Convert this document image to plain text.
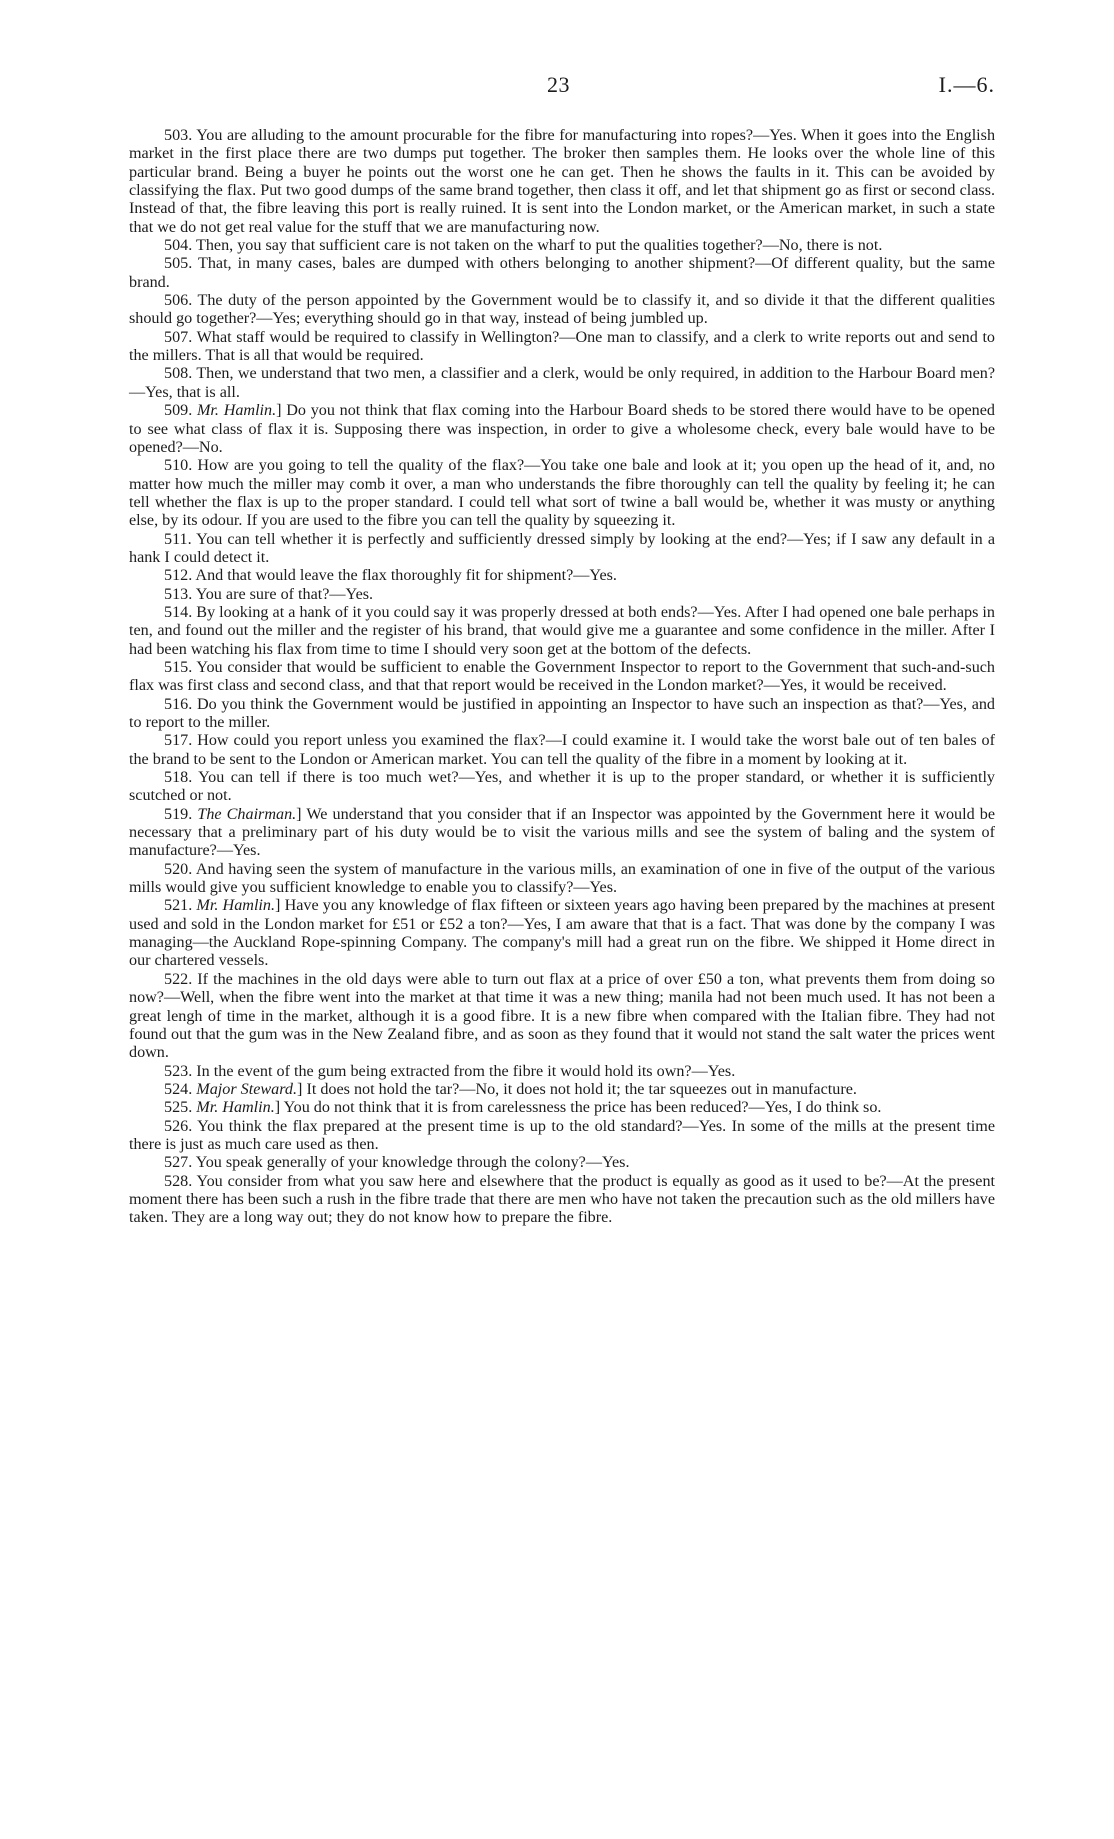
23	I.—6.

503. You are alluding to the amount procurable for the fibre for manufacturing into ropes?—Yes. When it goes into the English market in the first place there are two dumps put together. The broker then samples them. He looks over the whole line of this particular brand. Being a buyer he points out the worst one he can get. Then he shows the faults in it. This can be avoided by classifying the flax. Put two good dumps of the same brand together, then class it off, and let that shipment go as first or second class. Instead of that, the fibre leaving this port is really ruined. It is sent into the London market, or the American market, in such a state that we do not get real value for the stuff that we are manufacturing now.

504. Then, you say that sufficient care is not taken on the wharf to put the qualities together?—No, there is not.

505. That, in many cases, bales are dumped with others belonging to another shipment?—Of different quality, but the same brand.

506. The duty of the person appointed by the Government would be to classify it, and so divide it that the different qualities should go together?—Yes; everything should go in that way, instead of being jumbled up.

507. What staff would be required to classify in Wellington?—One man to classify, and a clerk to write reports out and send to the millers. That is all that would be required.

508. Then, we understand that two men, a classifier and a clerk, would be only required, in addition to the Harbour Board men?—Yes, that is all.

509. Mr. Hamlin.] Do you not think that flax coming into the Harbour Board sheds to be stored there would have to be opened to see what class of flax it is. Supposing there was inspection, in order to give a wholesome check, every bale would have to be opened?—No.

510. How are you going to tell the quality of the flax?—You take one bale and look at it; you open up the head of it, and, no matter how much the miller may comb it over, a man who understands the fibre thoroughly can tell the quality by feeling it; he can tell whether the flax is up to the proper standard. I could tell what sort of twine a ball would be, whether it was musty or anything else, by its odour. If you are used to the fibre you can tell the quality by squeezing it.

511. You can tell whether it is perfectly and sufficiently dressed simply by looking at the end?—Yes; if I saw any default in a hank I could detect it.

512. And that would leave the flax thoroughly fit for shipment?—Yes.

513. You are sure of that?—Yes.

514. By looking at a hank of it you could say it was properly dressed at both ends?—Yes. After I had opened one bale perhaps in ten, and found out the miller and the register of his brand, that would give me a guarantee and some confidence in the miller. After I had been watching his flax from time to time I should very soon get at the bottom of the defects.

515. You consider that would be sufficient to enable the Government Inspector to report to the Government that such-and-such flax was first class and second class, and that that report would be received in the London market?—Yes, it would be received.

516. Do you think the Government would be justified in appointing an Inspector to have such an inspection as that?—Yes, and to report to the miller.

517. How could you report unless you examined the flax?—I could examine it. I would take the worst bale out of ten bales of the brand to be sent to the London or American market. You can tell the quality of the fibre in a moment by looking at it.

518. You can tell if there is too much wet?—Yes, and whether it is up to the proper standard, or whether it is sufficiently scutched or not.

519. The Chairman.] We understand that you consider that if an Inspector was appointed by the Government here it would be necessary that a preliminary part of his duty would be to visit the various mills and see the system of baling and the system of manufacture?—Yes.

520. And having seen the system of manufacture in the various mills, an examination of one in five of the output of the various mills would give you sufficient knowledge to enable you to classify?—Yes.

521. Mr. Hamlin.] Have you any knowledge of flax fifteen or sixteen years ago having been prepared by the machines at present used and sold in the London market for £51 or £52 a ton?—Yes, I am aware that that is a fact. That was done by the company I was managing—the Auckland Rope-spinning Company. The company's mill had a great run on the fibre. We shipped it Home direct in our chartered vessels.

522. If the machines in the old days were able to turn out flax at a price of over £50 a ton, what prevents them from doing so now?—Well, when the fibre went into the market at that time it was a new thing; manila had not been much used. It has not been a great lengh of time in the market, although it is a good fibre. It is a new fibre when compared with the Italian fibre. They had not found out that the gum was in the New Zealand fibre, and as soon as they found that it would not stand the salt water the prices went down.

523. In the event of the gum being extracted from the fibre it would hold its own?—Yes.

524. Major Steward.] It does not hold the tar?—No, it does not hold it; the tar squeezes out in manufacture.

525. Mr. Hamlin.] You do not think that it is from carelessness the price has been reduced?—Yes, I do think so.

526. You think the flax prepared at the present time is up to the old standard?—Yes. In some of the mills at the present time there is just as much care used as then.

527. You speak generally of your knowledge through the colony?—Yes.

528. You consider from what you saw here and elsewhere that the product is equally as good as it used to be?—At the present moment there has been such a rush in the fibre trade that there are men who have not taken the precaution such as the old millers have taken. They are a long way out; they do not know how to prepare the fibre.
